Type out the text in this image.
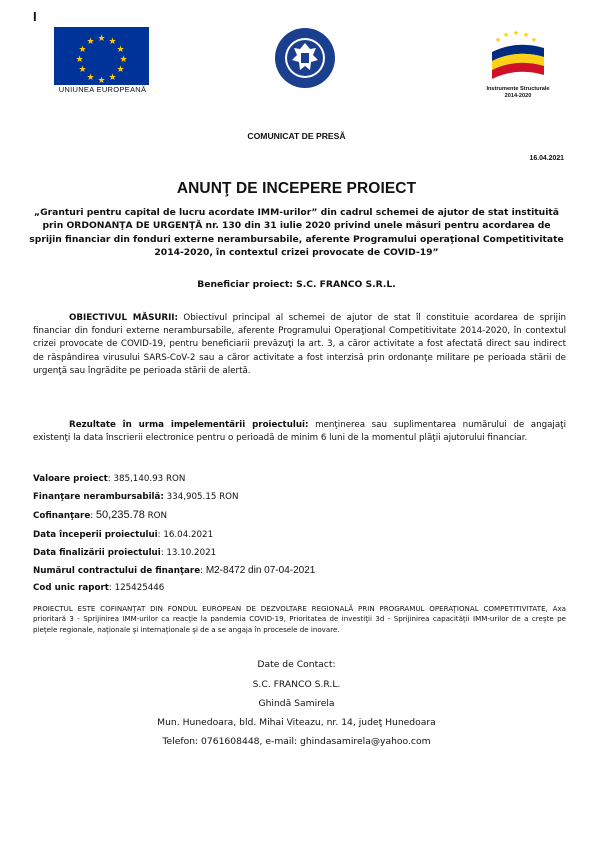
I
★ ★
★
★
★
★
★
★
★
★
★
★
UNIUNEA EUROPEANĂ
★
★ ★ ★
★
Instrumente Structurale
2014-2020
COMUNICAT DE PRESĂ
16.04.2021
ANUNŢ DE INCEPERE PROIECT
„Granturi pentru capital de lucru acordate IMM-urilor” din cadrul schemei de ajutor de stat instituită prin ORDONANŢA DE URGENŢĂ nr. 130 din 31 iulie 2020 privind unele măsuri pentru acordarea de sprijin financiar din fonduri externe nerambursabile, aferente Programului operaţional Competitivitate 2014-2020, în contextul crizei provocate de COVID-19”
Beneficiar proiect: S.C. FRANCO S.R.L.
OBIECTIVUL MĂSURII: Obiectivul principal al schemei de ajutor de stat îl constituie acordarea de sprijin financiar din fonduri externe nerambursabile, aferente Programului Operaţional Competitivitate 2014-2020, în contextul crizei provocate de COVID-19, pentru beneficiarii prevăzuţi la art. 3, a căror activitate a fost afectată direct sau indirect de răspândirea virusului SARS-CoV-2 sau a căror activitate a fost interzisă prin ordonanţe militare pe perioada stării de urgenţă sau îngrădite pe perioada stării de alertă.
Rezultate în urma impelementării proiectului: menţinerea sau suplimentarea numărului de angajaţi existenţi la data înscrierii electronice pentru o perioadă de minim 6 luni de la momentul plăţii ajutorului financiar.
Valoare proiect: 385,140.93 RON
Finanţare nerambursabilă: 334,905.15 RON
Cofinanţare: 50,235.78 RON
Data începerii proiectului: 16.04.2021
Data finalizării proiectului: 13.10.2021
Numărul contractului de finanţare: M2-8472 din 07-04-2021
Cod unic raport: 125425446
PROIECTUL ESTE COFINANŢAT DIN FONDUL EUROPEAN DE DEZVOLTARE REGIONALĂ PRIN PROGRAMUL OPERAŢIONAL COMPETITIVITATE, Axa prioritară 3 - Sprijinirea IMM-urilor ca reacţie la pandemia COVID-19, Prioritatea de investiţii 3d - Sprijinirea capacităţii IMM-urilor de a creşte pe pieţele regionale, naţionale şi internaţionale şi de a se angaja în procesele de inovare.
Date de Contact:
S.C. FRANCO S.R.L.
Ghindă Samirela
Mun. Hunedoara, bld. Mihai Viteazu, nr. 14, judeţ Hunedoara
Telefon: 0761608448, e-mail: ghindasamirela@yahoo.com
